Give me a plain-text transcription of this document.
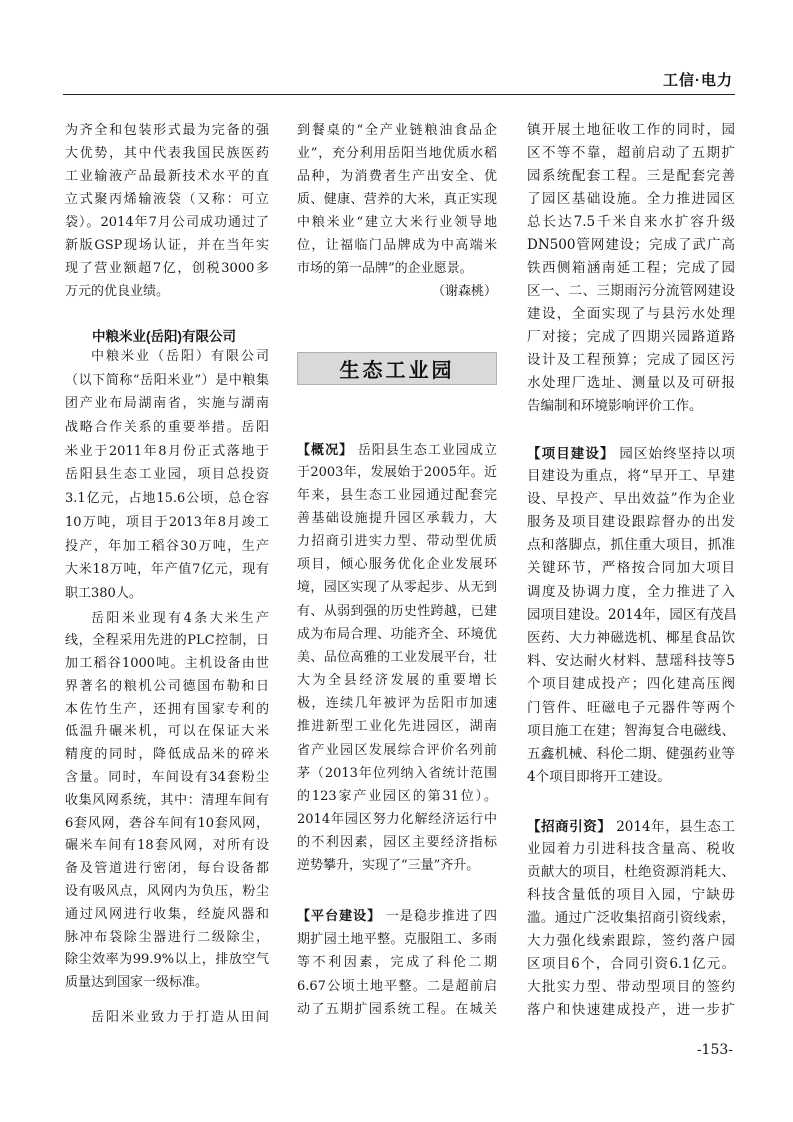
工信·电力
为齐全和包装形式最为完备的强
大优势，其中代表我国民族医药
工业输液产品最新技术水平的直
立式聚丙烯输液袋（又称：可立
袋）。2014年7月公司成功通过了
新版GSP现场认证，并在当年实
现了营业额超7亿，创税3000多
万元的优良业绩。
中粮米业(岳阳)有限公司
中粮米业（岳阳）有限公司
（以下简称“岳阳米业”）是中粮集
团产业布局湖南省，实施与湖南
战略合作关系的重要举措。岳阳
米业于2011年8月份正式落地于
岳阳县生态工业园，项目总投资
3.1亿元，占地15.6公顷，总仓容
10万吨，项目于2013年8月竣工
投产，年加工稻谷30万吨，生产
大米18万吨，年产值7亿元，现有
职工380人。
岳阳米业现有4条大米生产
线，全程采用先进的PLC控制，日
加工稻谷1000吨。主机设备由世
界著名的粮机公司德国布勒和日
本佐竹生产，还拥有国家专利的
低温升碾米机，可以在保证大米
精度的同时，降低成品米的碎米
含量。同时，车间设有34套粉尘
收集风网系统，其中：清理车间有
6套风网，砻谷车间有10套风网，
碾米车间有18套风网，对所有设
备及管道进行密闭，每台设备都
设有吸风点，风网内为负压，粉尘
通过风网进行收集，经旋风器和
脉冲布袋除尘器进行二级除尘，
除尘效率为99.9%以上，排放空气
质量达到国家一级标准。
岳阳米业致力于打造从田间
到餐桌的“全产业链粮油食品企
业”，充分利用岳阳当地优质水稻
品种，为消费者生产出安全、优
质、健康、营养的大米，真正实现
中粮米业“建立大米行业领导地
位，让福临门品牌成为中高端米
市场的第一品牌”的企业愿景。
（谢森桃）
生态工业园
【概况】 岳阳县生态工业园成立
于2003年，发展始于2005年。近
年来，县生态工业园通过配套完
善基础设施提升园区承载力，大
力招商引进实力型、带动型优质
项目，倾心服务优化企业发展环
境，园区实现了从零起步、从无到
有、从弱到强的历史性跨越，已建
成为布局合理、功能齐全、环境优
美、品位高雅的工业发展平台，壮
大为全县经济发展的重要增长
极，连续几年被评为岳阳市加速
推进新型工业化先进园区，湖南
省产业园区发展综合评价名列前
茅（2013年位列纳入省统计范围
的123家产业园区的第31位）。
2014年园区努力化解经济运行中
的不利因素，园区主要经济指标
逆势攀升，实现了“三量”齐升。
【平台建设】 一是稳步推进了四
期扩园土地平整。克服阻工、多雨
等不利因素，完成了科伦二期
6.67公顷土地平整。二是超前启
动了五期扩园系统工程。在城关
镇开展土地征收工作的同时，园
区不等不靠，超前启动了五期扩
园系统配套工程。三是配套完善
了园区基础设施。全力推进园区
总长达7.5千米自来水扩容升级
DN500管网建设；完成了武广高
铁西侧箱涵南延工程；完成了园
区一、二、三期雨污分流管网建设
建设，全面实现了与县污水处理
厂对接；完成了四期兴园路道路
设计及工程预算；完成了园区污
水处理厂选址、测量以及可研报
告编制和环境影响评价工作。
【项目建设】 园区始终坚持以项
目建设为重点，将“早开工、早建
设、早投产、早出效益”作为企业
服务及项目建设跟踪督办的出发
点和落脚点，抓住重大项目，抓准
关键环节，严格按合同加大项目
调度及协调力度，全力推进了入
园项目建设。2014年，园区有茂昌
医药、大力神磁选机、椰星食品饮
料、安达耐火材料、慧瑶科技等5
个项目建成投产；四化建高压阀
门管件、旺磁电子元器件等两个
项目施工在建；智海复合电磁线、
五鑫机械、科伦二期、健强药业等
4个项目即将开工建设。
【招商引资】 2014年，县生态工
业园着力引进科技含量高、税收
贡献大的项目，杜绝资源消耗大、
科技含量低的项目入园，宁缺毋
滥。通过广泛收集招商引资线索，
大力强化线索跟踪，签约落户园
区项目6个，合同引资6.1亿元。
大批实力型、带动型项目的签约
落户和快速建成投产，进一步扩
-153-
